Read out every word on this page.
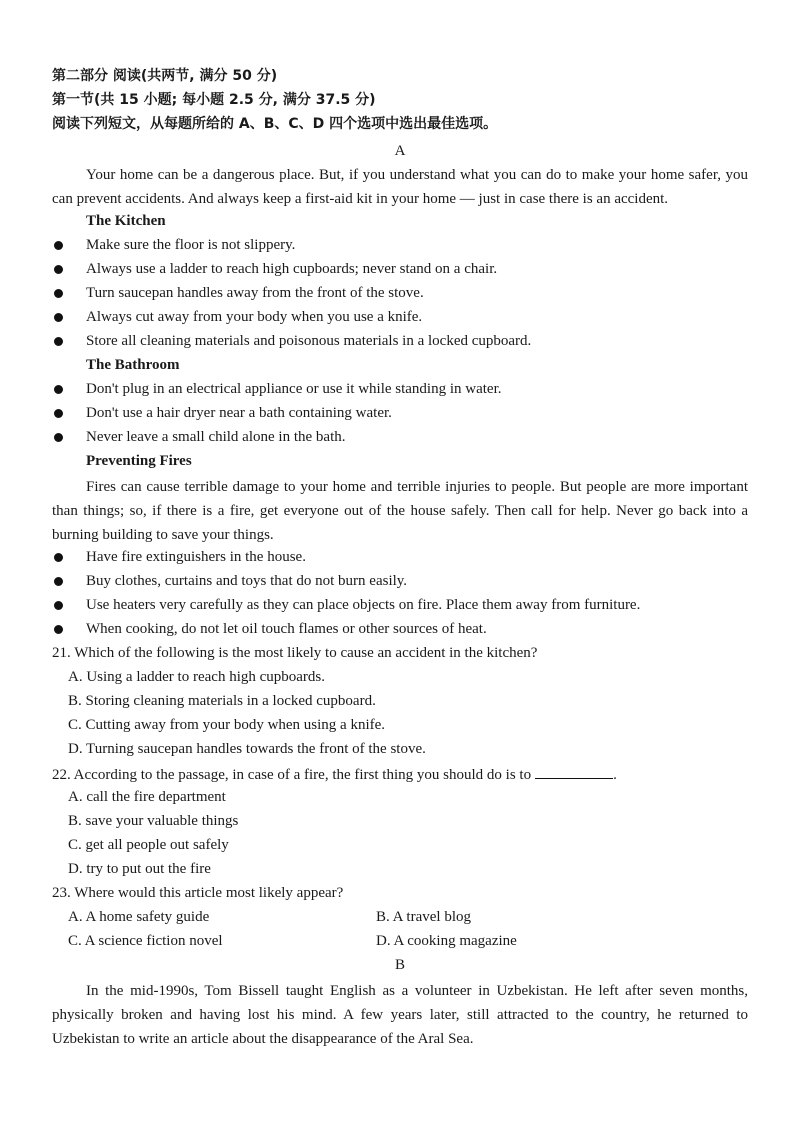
第二部分 阅读(共两节, 满分 50 分)
第一节(共 15 小题; 每小题 2.5 分, 满分 37.5 分)
阅读下列短文，从每题所给的 A、B、C、D 四个选项中选出最佳选项。
A
Your home can be a dangerous place. But, if you understand what you can do to make your home safer, you can prevent accidents. And always keep a first-aid kit in your home — just in case there is an accident.
The Kitchen
Make sure the floor is not slippery.
Always use a ladder to reach high cupboards; never stand on a chair.
Turn saucepan handles away from the front of the stove.
Always cut away from your body when you use a knife.
Store all cleaning materials and poisonous materials in a locked cupboard.
The Bathroom
Don't plug in an electrical appliance or use it while standing in water.
Don't use a hair dryer near a bath containing water.
Never leave a small child alone in the bath.
Preventing Fires
Fires can cause terrible damage to your home and terrible injuries to people. But people are more important than things; so, if there is a fire, get everyone out of the house safely. Then call for help. Never go back into a burning building to save your things.
Have fire extinguishers in the house.
Buy clothes, curtains and toys that do not burn easily.
Use heaters very carefully as they can place objects on fire. Place them away from furniture.
When cooking, do not let oil touch flames or other sources of heat.
21. Which of the following is the most likely to cause an accident in the kitchen?
A. Using a ladder to reach high cupboards.
B. Storing cleaning materials in a locked cupboard.
C. Cutting away from your body when using a knife.
D. Turning saucepan handles towards the front of the stove.
22. According to the passage, in case of a fire, the first thing you should do is to	.
A. call the fire department
B. save your valuable things
C. get all people out safely
D. try to put out the fire
23. Where would this article most likely appear?
A. A home safety guide	B. A travel blog
C. A science fiction novel	D. A cooking magazine
B
In the mid-1990s, Tom Bissell taught English as a volunteer in Uzbekistan. He left after seven months, physically broken and having lost his mind. A few years later, still attracted to the country, he returned to Uzbekistan to write an article about the disappearance of the Aral Sea.
